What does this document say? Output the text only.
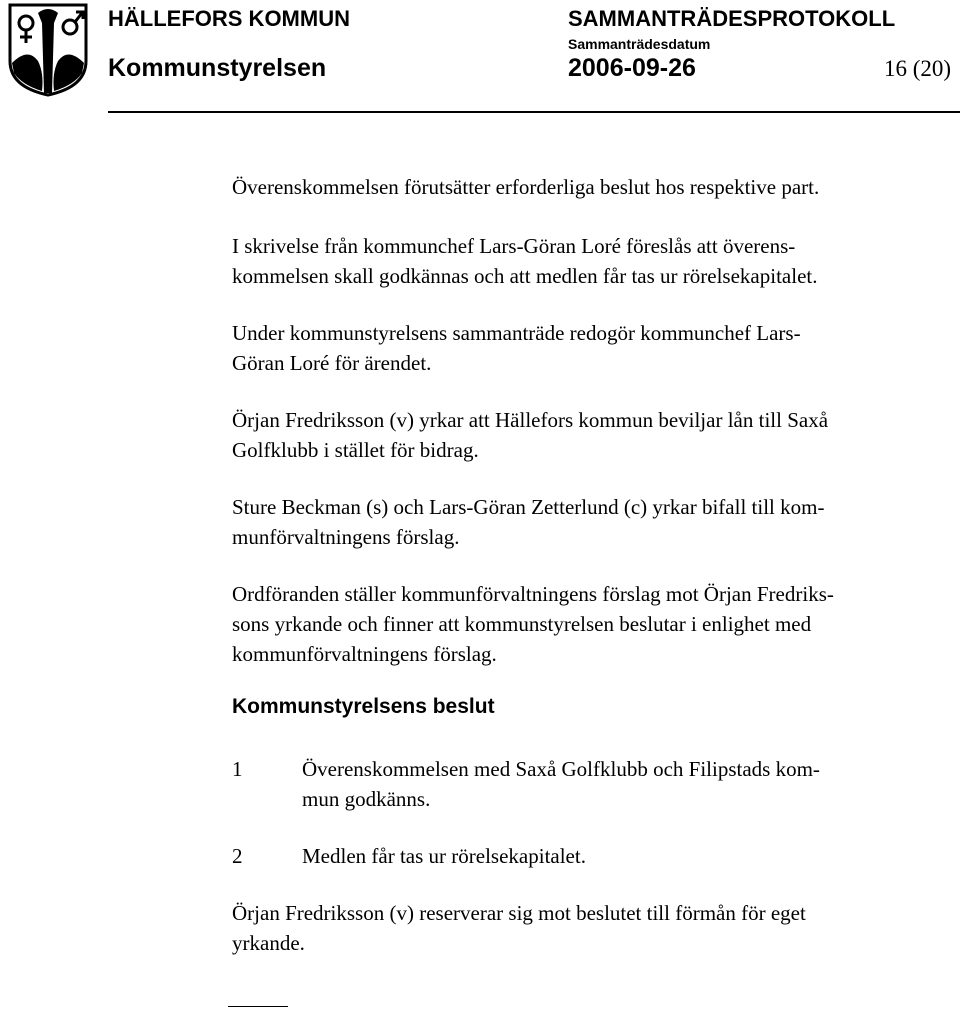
HÄLLEFORS KOMMUN
Kommunstyrelsen
SAMMANTRÄDESPROTOKOLL
Sammanträdesdatum
2006-09-26	16 (20)

Överenskommelsen förutsätter erforderliga beslut hos respektive part.

I skrivelse från kommunchef Lars-Göran Loré föreslås att överens-
kommelsen skall godkännas och att medlen får tas ur rörelsekapitalet.

Under kommunstyrelsens sammanträde redogör kommunchef Lars-
Göran Loré för ärendet.

Örjan Fredriksson (v) yrkar att Hällefors kommun beviljar lån till Saxå
Golfklubb i stället för bidrag.

Sture Beckman (s) och Lars-Göran Zetterlund (c) yrkar bifall till kom-
munförvaltningens förslag.

Ordföranden ställer kommunförvaltningens förslag mot Örjan Fredriks-
sons yrkande och finner att kommunstyrelsen beslutar i enlighet med
kommunförvaltningens förslag.

Kommunstyrelsens beslut
1	Överenskommelsen med Saxå Golfklubb och Filipstads kom-
mun godkänns.
2	Medlen får tas ur rörelsekapitalet.

Örjan Fredriksson (v) reserverar sig mot beslutet till förmån för eget
yrkande.
